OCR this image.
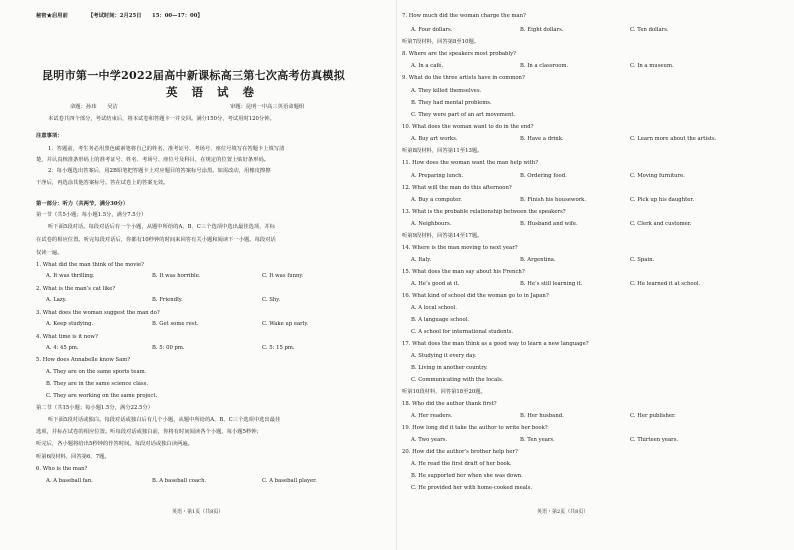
秘密★启用前	【考试时间：2月25日　　15：00—17：00】
昆明市第一中学2022届高中新课标高三第七次高考仿真模拟
英 语 试 卷
命题：孙玮　　吴洁	审题：昆明一中高三英语命题组
本试卷共四个部分，考试结束后，将本试卷和答题卡一并交回。满分150分，考试用时120分钟。
注意事项：
1．答题前，考生务必用黑色碳素笔将自己的姓名、准考证号、考场号、座位号填写在答题卡上填写清
楚，并认真核准条形码上的准考证号、姓名、考场号、座位号及科目，在规定的位置上贴好条形码。
2．每小题选出答案后，用2B铅笔把答题卡上对应题目的答案标号涂黑。如需改动，用橡皮擦擦
干净后，再选涂其他答案标号。答在试卷上的答案无效。
第一部分：听力（共两节，满分30分）
第一节（共5小题；每小题1.5分，满分7.5分）
听下面5段对话。每段对话后有一个小题，从题中所给的A、B、C三个选项中选出最佳选项，并标
在试卷的相应位置。听完每段对话后，你都有10秒钟的时间来回答有关小题和阅读下一小题。每段对话
仅读一遍。
1. What did the man think of the movie?
A. It was thrilling.	B. It was horrible.	C. It was funny.
2. What is the man’s cat like?
A. Lazy.	B. Friendly.	C. Shy.
3. What does the woman suggest the man do?
A. Keep studying.	B. Get some rest.	C. Wake up early.
4. What time is it now?
A. 4: 45 pm.	B. 5: 00 pm.	C. 5: 15 pm.
5. How does Annabelle know Sam?
A. They are on the same sports team.
B. They are in the same science class.
C. They are working on the same project.
第二节（共15小题；每小题1.5分，满分22.5分）
听下面5段对话或独白。每段对话或独白后有几个小题，从题中所给的A、B、C三个选项中选出最佳
选项，并标在试卷的相应位置。听每段对话或独白前，你将有时间阅读各个小题，每小题5秒钟；
听完后，各小题将给出5秒钟的作答时间。每段对话或独白读两遍。
听第6段材料，回答第6、7题。
6. Who is the man?
A. A baseball fan.	B. A baseball coach.	C. A baseball player.
英语・第1页（共8页）
7. How much did the woman charge the man?
A. Four dollars.	B. Eight dollars.	C. Ten dollars.
听第7段材料，回答第8至10题。
8. Where are the speakers most probably?
A. In a café.	B. In a classroom.	C. In a museum.
9. What do the three artists have in common?
A. They killed themselves.
B. They had mental problems.
C. They were part of an art movement.
10. What does the woman want to do in the end?
A. Buy art works.	B. Have a drink.	C. Learn more about the artists.
听第8段材料，回答第11至13题。
11. How does the woman want the man help with?
A. Preparing lunch.	B. Ordering food.	C. Moving furniture.
12. What will the man do this afternoon?
A. Buy a computer.	B. Finish his housework.	C. Pick up his daughter.
13. What is the probable relationship between the speakers?
A. Neighbours.	B. Husband and wife.	C. Clerk and customer.
听第9段材料，回答第14至17题。
14. Where is the man moving to next year?
A. Italy.	B. Argentina.	C. Spain.
15. What does the man say about his French?
A. He’s good at it.	B. He’s still learning it.	C. He learned it at school.
16. What kind of school did the woman go to in Japan?
A. A local school.
B. A language school.
C. A school for international students.
17. What does the man think as a good way to learn a new language?
A. Studying it every day.
B. Living in another country.
C. Communicating with the locals.
听第10段材料，回答第18至20题。
18. Who did the author thank first?
A. Her readers.	B. Her husband.	C. Her publisher.
19. How long did it take the author to write her book?
A. Two years.	B. Ten years.	C. Thirteen years.
20. How did the author’s brother help her?
A. He read the first draft of her book.
B. He supported her when she was down.
C. He provided her with home-cooked meals.
英语・第2页（共8页）
